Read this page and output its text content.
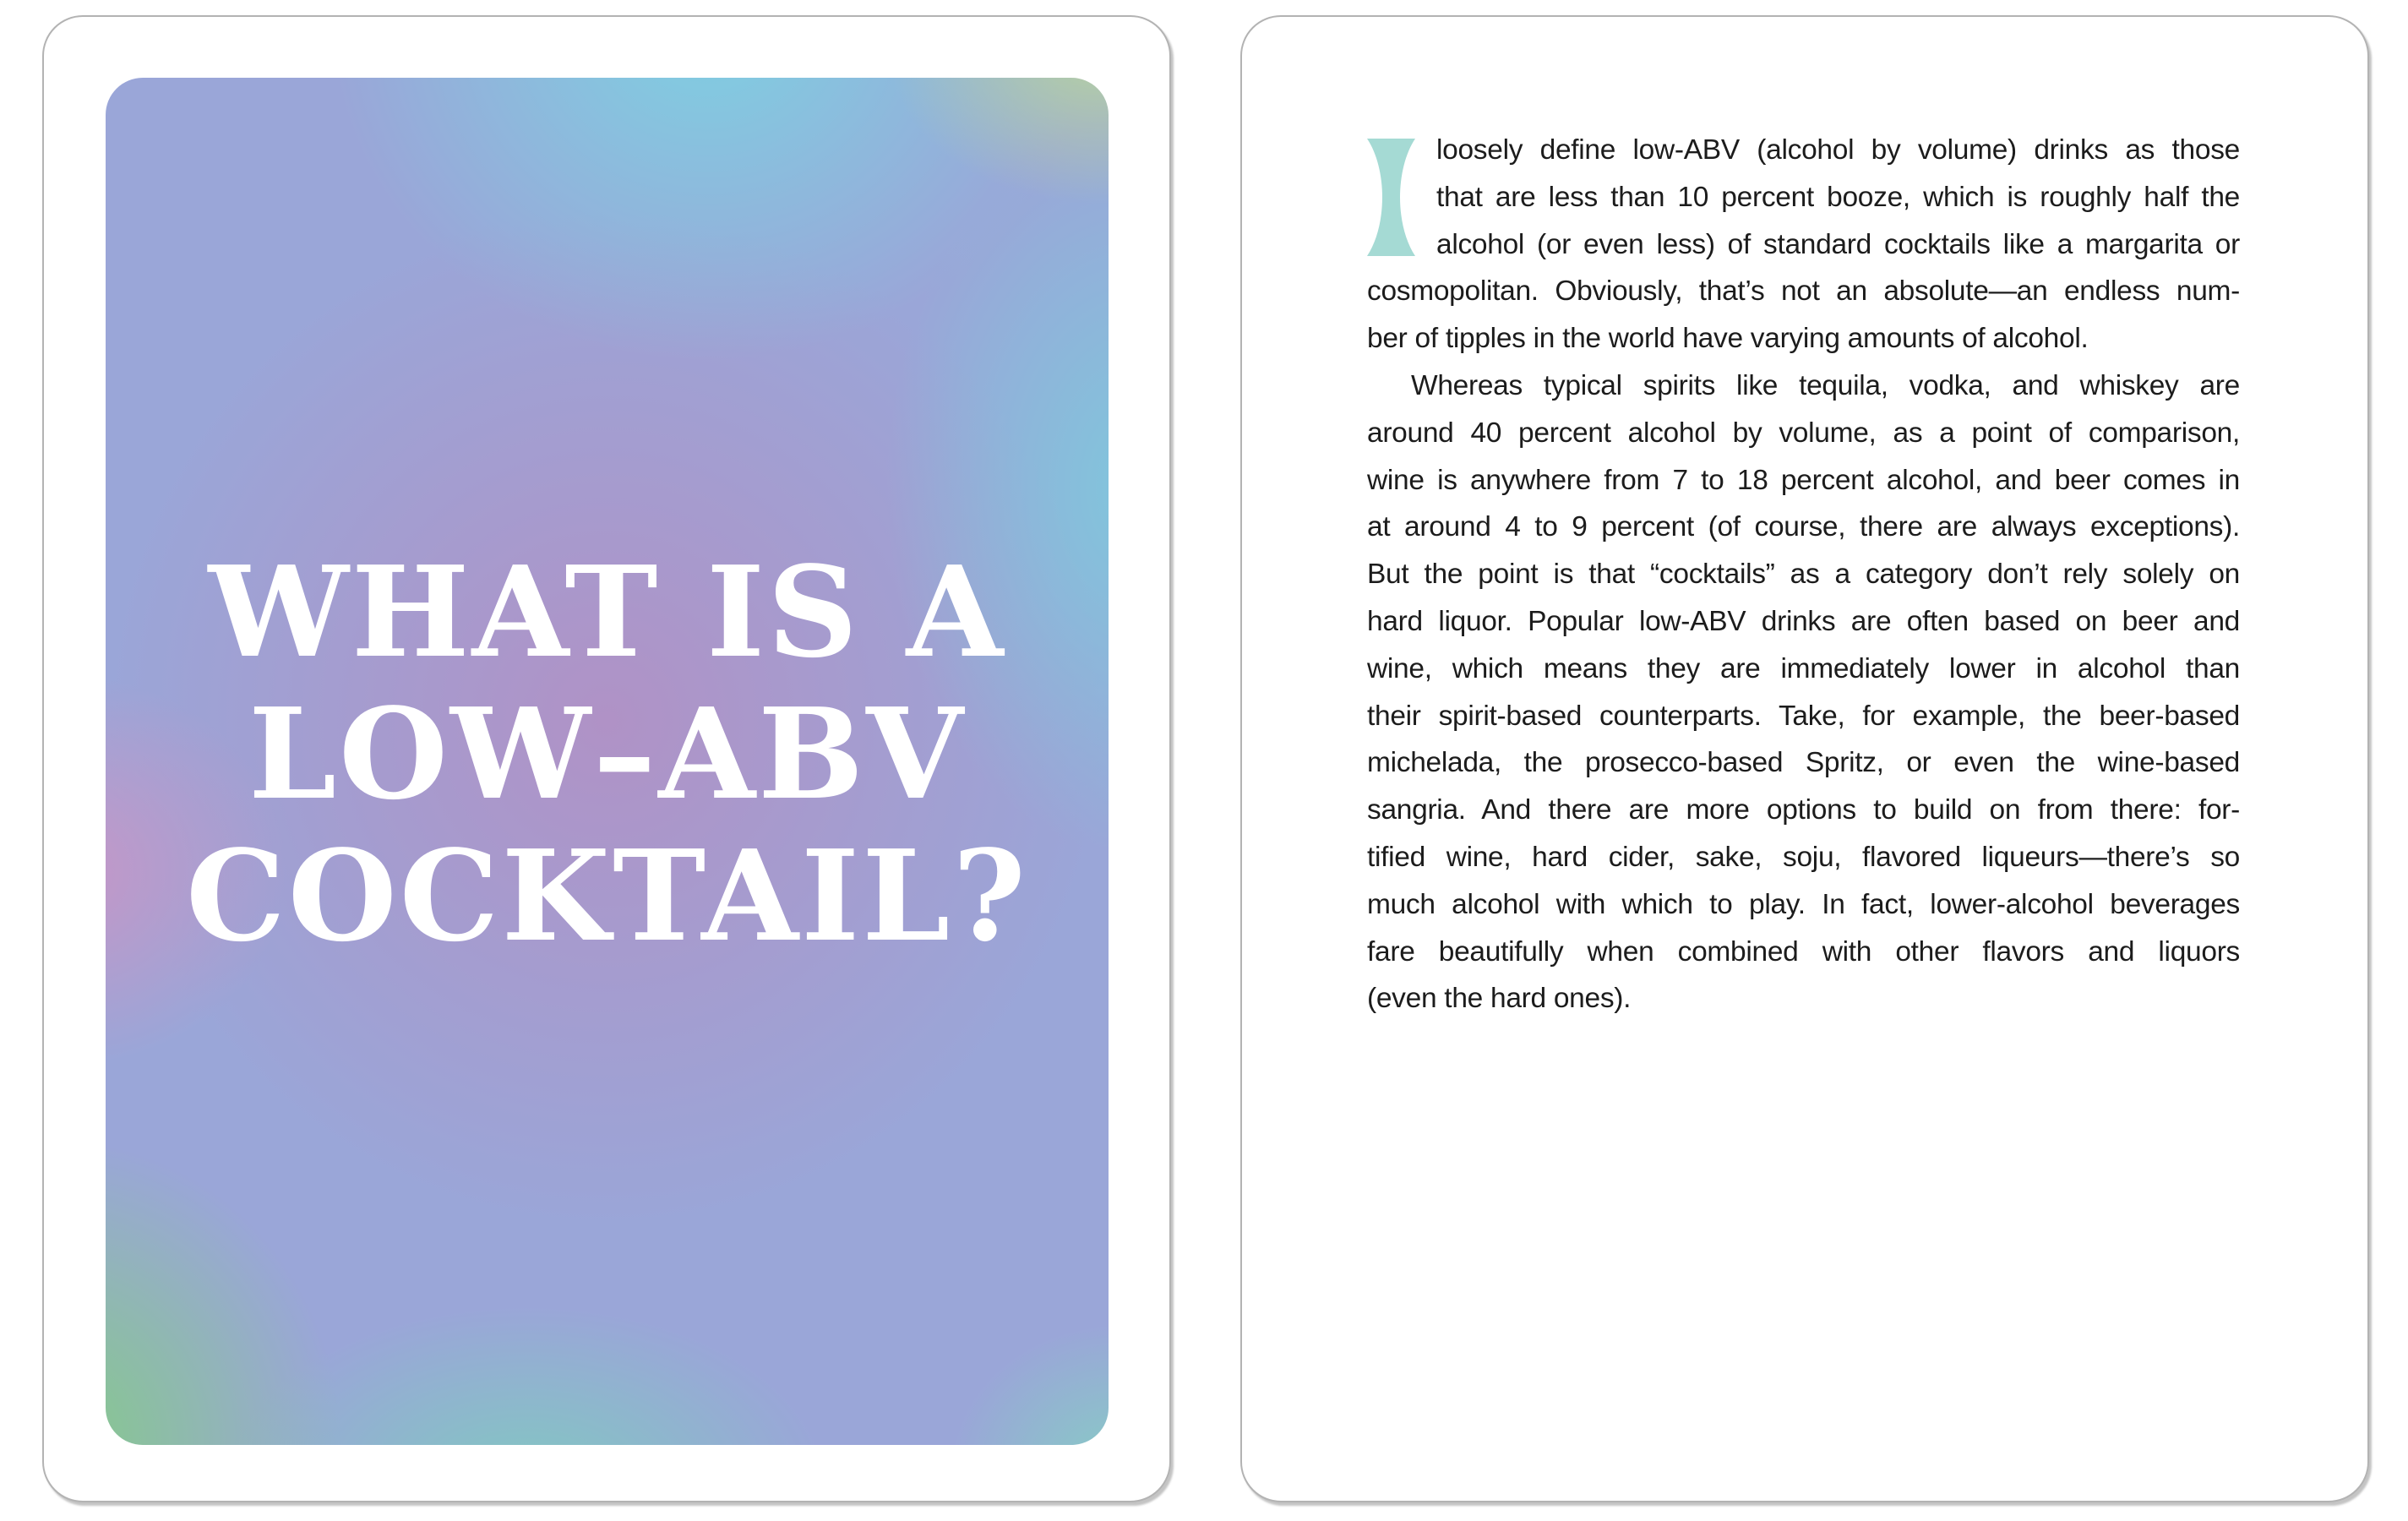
WHAT IS A
LOW–ABV
COCKTAIL?
loosely define low-ABV (alcohol by volume) drinks as those
that are less than 10 percent booze, which is roughly half the
alcohol (or even less) of standard cocktails like a margarita or
cosmopolitan. Obviously, that’s not an absolute—an endless num-
ber of tipples in the world have varying amounts of alcohol.
Whereas typical spirits like tequila, vodka, and whiskey are
around 40 percent alcohol by volume, as a point of comparison,
wine is anywhere from 7 to 18 percent alcohol, and beer comes in
at around 4 to 9 percent (of course, there are always exceptions).
But the point is that “cocktails” as a category don’t rely solely on
hard liquor. Popular low-ABV drinks are often based on beer and
wine, which means they are immediately lower in alcohol than
their spirit-based counterparts. Take, for example, the beer-based
michelada, the prosecco-based Spritz, or even the wine-based
sangria. And there are more options to build on from there: for-
tified wine, hard cider, sake, soju, flavored liqueurs—there’s so
much alcohol with which to play. In fact, lower-alcohol beverages
fare beautifully when combined with other flavors and liquors
(even the hard ones).
